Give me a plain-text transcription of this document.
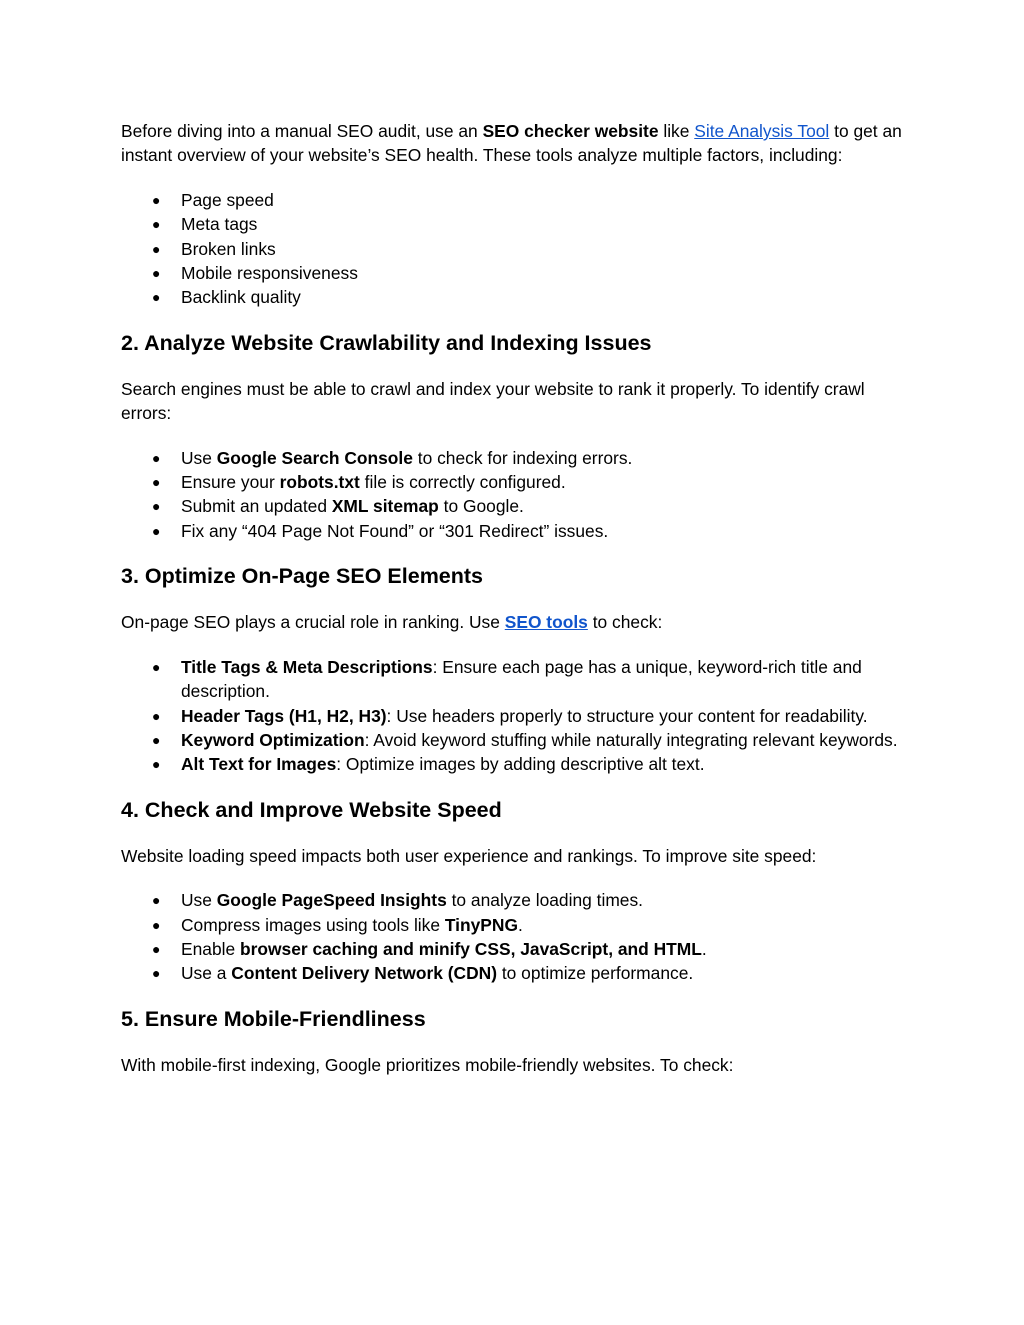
Before diving into a manual SEO audit, use an SEO checker website like Site Analysis Tool to get an instant overview of your website’s SEO health. These tools analyze multiple factors, including:

● Page speed
● Meta tags
● Broken links
● Mobile responsiveness
● Backlink quality
2. Analyze Website Crawlability and Indexing Issues

Search engines must be able to crawl and index your website to rank it properly. To identify crawl errors:

● Use Google Search Console to check for indexing errors.
● Ensure your robots.txt file is correctly configured.
● Submit an updated XML sitemap to Google.
● Fix any “404 Page Not Found” or “301 Redirect” issues.
3. Optimize On-Page SEO Elements

On-page SEO plays a crucial role in ranking. Use SEO tools to check:

● Title Tags & Meta Descriptions: Ensure each page has a unique, keyword-rich title and description.
● Header Tags (H1, H2, H3): Use headers properly to structure your content for readability.
● Keyword Optimization: Avoid keyword stuffing while naturally integrating relevant keywords.
● Alt Text for Images: Optimize images by adding descriptive alt text.
4. Check and Improve Website Speed

Website loading speed impacts both user experience and rankings. To improve site speed:

● Use Google PageSpeed Insights to analyze loading times.
● Compress images using tools like TinyPNG.
● Enable browser caching and minify CSS, JavaScript, and HTML.
● Use a Content Delivery Network (CDN) to optimize performance.
5. Ensure Mobile-Friendliness

With mobile-first indexing, Google prioritizes mobile-friendly websites. To check:
